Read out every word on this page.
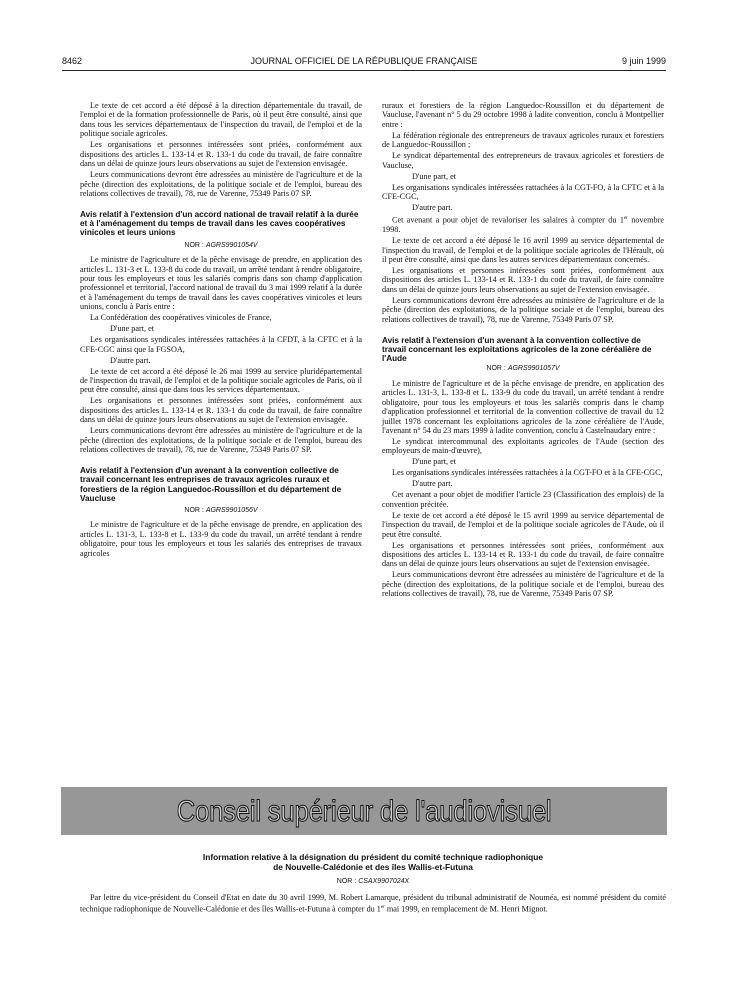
8462	JOURNAL OFFICIEL DE LA RÉPUBLIQUE FRANÇAISE	9 juin 1999

Le texte de cet accord a été déposé à la direction départementale du travail, de l'emploi et de la formation professionnelle de Paris, où il peut être consulté, ainsi que dans tous les services départementaux de l'inspection du travail, de l'emploi et de la politique sociale agricoles.

Les organisations et personnes intéressées sont priées, conformément aux dispositions des articles L. 133-14 et R. 133-1 du code du travail, de faire connaître dans un délai de quinze jours leurs observations au sujet de l'extension envisagée.

Leurs communications devront être adressées au ministère de l'agriculture et de la pêche (direction des exploitations, de la politique sociale et de l'emploi, bureau des relations collectives de travail), 78, rue de Varenne, 75349 Paris 07 SP.

Avis relatif à l'extension d'un accord national de travail relatif à la durée et à l'aménagement du temps de travail dans les caves coopératives vinicoles et leurs unions
NOR : AGRS9901054V

Le ministre de l'agriculture et de la pêche envisage de prendre, en application des articles L. 131-3 et L. 133-8 du code du travail, un arrêté tendant à rendre obligatoire, pour tous les employeurs et tous les salariés compris dans son champ d'application professionnel et territorial, l'accord national de travail du 3 mai 1999 relatif à la durée et à l'aménagement du temps de travail dans les caves coopératives vinicoles et leurs unions, conclu à Paris entre :

La Confédération des coopératives vinicoles de France,

D'une part, et

Les organisations syndicales intéressées rattachées à la CFDT, à la CFTC et à la CFE-CGC ainsi que la FGSOA,

D'autre part.

Le texte de cet accord a été déposé le 26 mai 1999 au service pluridépartemental de l'inspection du travail, de l'emploi et de la politique sociale agricoles de Paris, où il peut être consulté, ainsi que dans tous les services départementaux.

Les organisations et personnes intéressées sont priées, conformément aux dispositions des articles L. 133-14 et R. 133-1 du code du travail, de faire connaître dans un délai de quinze jours leurs observations au sujet de l'extension envisagée.

Leurs communications devront être adressées au ministère de l'agriculture et de la pêche (direction des exploitations, de la politique sociale et de l'emploi, bureau des relations collectives de travail), 78, rue de Varenne, 75349 Paris 07 SP.

Avis relatif à l'extension d'un avenant à la convention collective de travail concernant les entreprises de travaux agricoles ruraux et forestiers de la région Languedoc-Roussillon et du département de Vaucluse
NOR : AGRS9901056V

Le ministre de l'agriculture et de la pêche envisage de prendre, en application des articles L. 131-3, L. 133-8 et L. 133-9 du code du travail, un arrêté tendant à rendre obligatoire, pour tous les employeurs et tous les salariés des entreprises de travaux agricoles

ruraux et forestiers de la région Languedoc-Roussillon et du département de Vaucluse, l'avenant n° 5 du 29 octobre 1998 à ladite convention, conclu à Montpellier entre :

La fédération régionale des entrepreneurs de travaux agricoles ruraux et forestiers de Languedoc-Roussillon ;

Le syndicat départemental des entrepreneurs de travaux agricoles et forestiers de Vaucluse,

D'une part, et

Les organisations syndicales intéressées rattachées à la CGT-FO, à la CFTC et à la CFE-CGC,

D'autre part.

Cet avenant a pour objet de revaloriser les salaires à compter du 1er novembre 1998.

Le texte de cet accord a été déposé le 16 avril 1999 au service départemental de l'inspection du travail, de l'emploi et de la politique sociale agricoles de l'Hérault, où il peut être consulté, ainsi que dans les autres services départementaux concernés.

Les organisations et personnes intéressées sont priées, conformément aux dispositions des articles L. 133-14 et R. 133-1 du code du travail, de faire connaître dans un délai de quinze jours leurs observations au sujet de l'extension envisagée.

Leurs communications devront être adressées au ministère de l'agriculture et de la pêche (direction des exploitations, de la politique sociale et de l'emploi, bureau des relations collectives de travail), 78, rue de Varenne, 75349 Paris 07 SP.

Avis relatif à l'extension d'un avenant à la convention collective de travail concernant les exploitations agricoles de la zone céréalière de l'Aude
NOR : AGRS9901057V

Le ministre de l'agriculture et de la pêche envisage de prendre, en application des articles L. 131-3, L. 133-8 et L. 133-9 du code du travail, un arrêté tendant à rendre obligatoire, pour tous les employeurs et tous les salariés compris dans le champ d'application professionnel et territorial de la convention collective de travail du 12 juillet 1978 concernant les exploitations agricoles de la zone céréalière de l'Aude, l'avenant n° 54 du 23 mars 1999 à ladite convention, conclu à Castelnaudary entre :

Le syndicat intercommunal des exploitants agricoles de l'Aude (section des employeurs de main-d'œuvre),

D'une part, et

Les organisations syndicales intéressées rattachées à la CGT-FO et à la CFE-CGC,

D'autre part.

Cet avenant a pour objet de modifier l'article 23 (Classification des emplois) de la convention précitée.

Le texte de cet accord a été déposé le 15 avril 1999 au service départemental de l'inspection du travail, de l'emploi et de la politique sociale agricoles de l'Aude, où il peut être consulté.

Les organisations et personnes intéressées sont priées, conformément aux dispositions des articles L. 133-14 et R. 133-1 du code du travail, de faire connaître dans un délai de quinze jours leurs observations au sujet de l'extension envisagée.

Leurs communications devront être adressées au ministère de l'agriculture et de la pêche (direction des exploitations, de la politique sociale et de l'emploi, bureau des relations collectives de travail), 78, rue de Varenne, 75349 Paris 07 SP.

Conseil supérieur de l'audiovisuel
Information relative à la désignation du président du comité technique radiophonique
de Nouvelle-Calédonie et des îles Wallis-et-Futuna
NOR : CSAX9907024X
Par lettre du vice-président du Conseil d'Etat en date du 30 avril 1999, M. Robert Lamarque, président du tribunal administratif de Nouméa, est nommé président du comité technique radiophonique de Nouvelle-Calédonie et des îles Wallis-et-Futuna à compter du 1er mai 1999, en remplacement de M. Henri Mignot.
